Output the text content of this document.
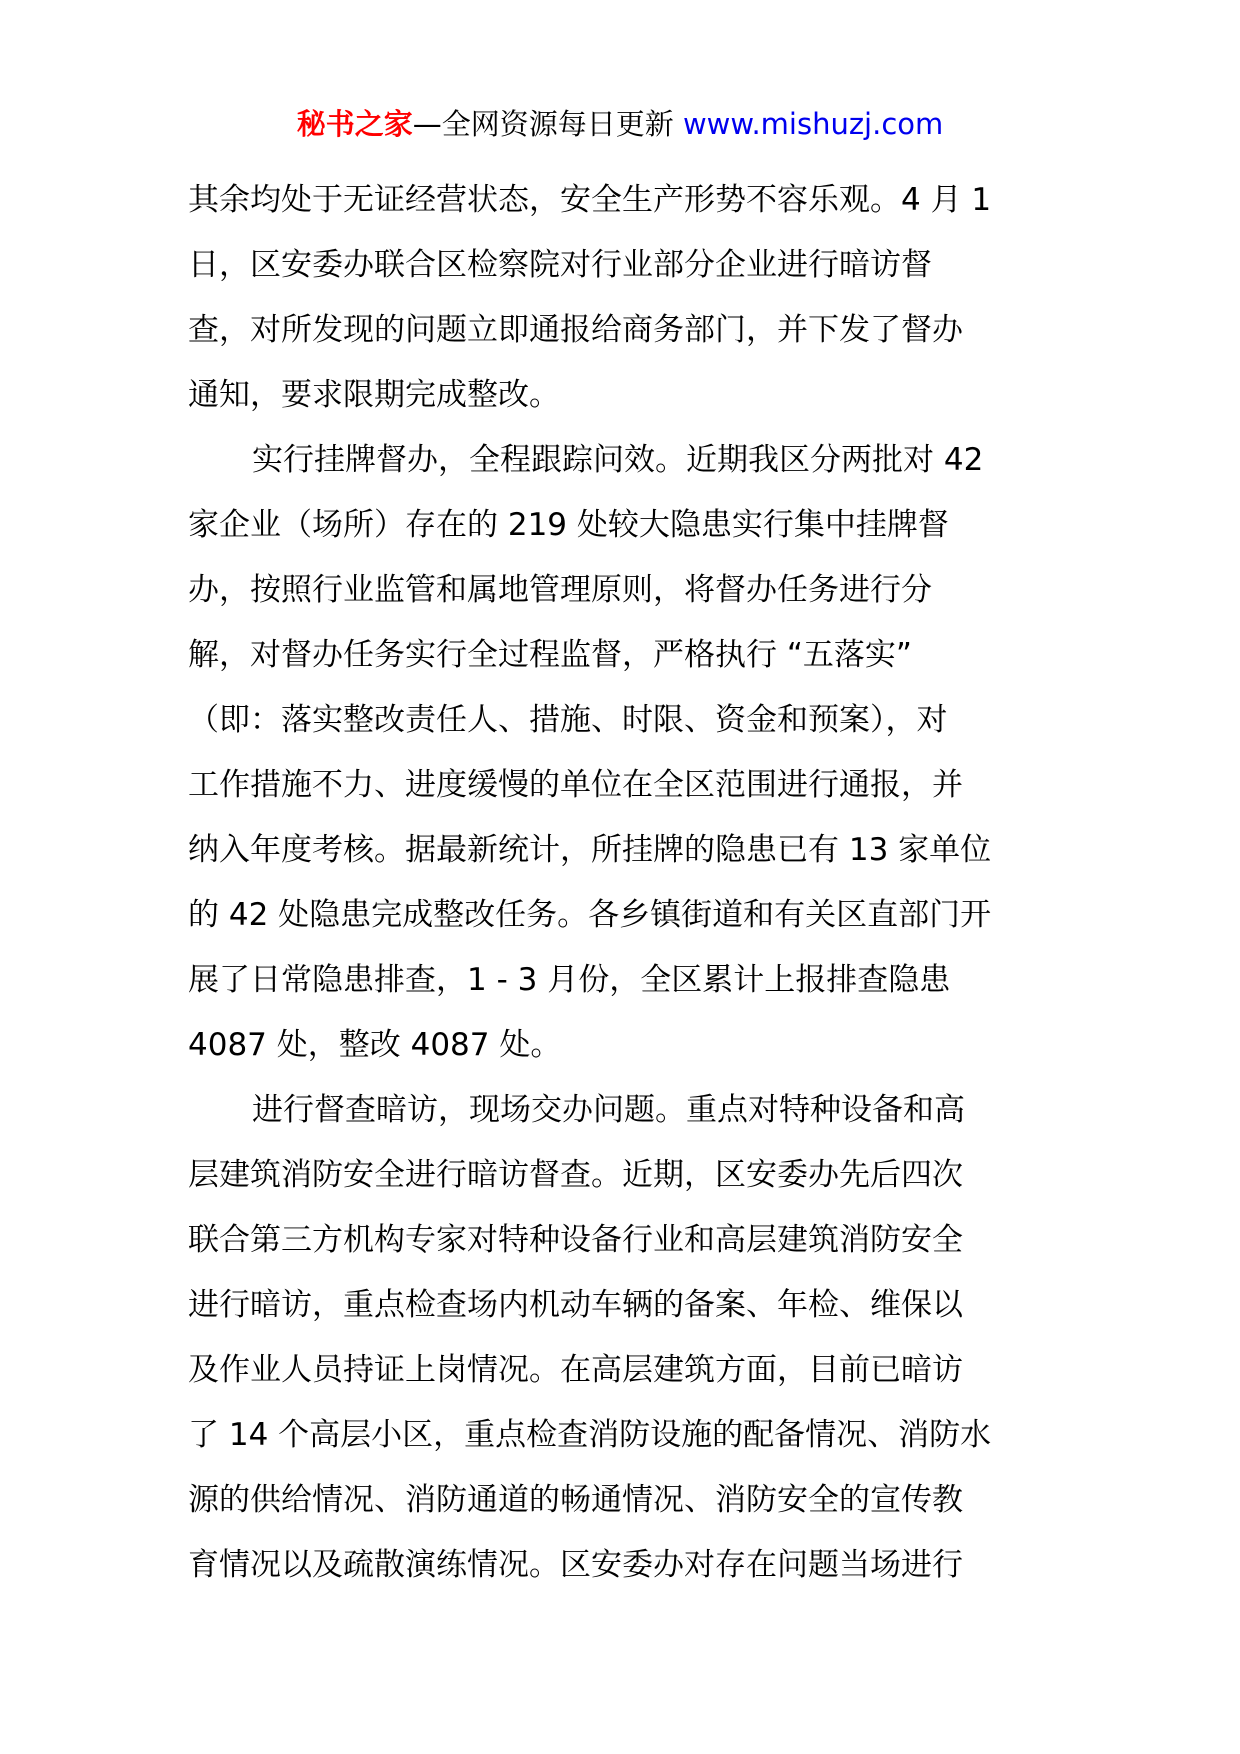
秘书之家—全网资源每日更新 www.mishuzj.com
其余均处于无证经营状态，安全生产形势不容乐观。4 月 1
日，区安委办联合区检察院对行业部分企业进行暗访督
查，对所发现的问题立即通报给商务部门，并下发了督办
通知，要求限期完成整改。
实行挂牌督办，全程跟踪问效。近期我区分两批对 42
家企业（场所）存在的 219 处较大隐患实行集中挂牌督
办，按照行业监管和属地管理原则，将督办任务进行分
解，对督办任务实行全过程监督，严格执行 “五落实”
（即：落实整改责任人、措施、时限、资金和预案），对
工作措施不力、进度缓慢的单位在全区范围进行通报，并
纳入年度考核。据最新统计，所挂牌的隐患已有 13 家单位
的 42 处隐患完成整改任务。各乡镇街道和有关区直部门开
展了日常隐患排查，1 - 3 月份，全区累计上报排查隐患
4087 处，整改 4087 处。
进行督查暗访，现场交办问题。重点对特种设备和高
层建筑消防安全进行暗访督查。近期，区安委办先后四次
联合第三方机构专家对特种设备行业和高层建筑消防安全
进行暗访，重点检查场内机动车辆的备案、年检、维保以
及作业人员持证上岗情况。在高层建筑方面，目前已暗访
了 14 个高层小区，重点检查消防设施的配备情况、消防水
源的供给情况、消防通道的畅通情况、消防安全的宣传教
育情况以及疏散演练情况。区安委办对存在问题当场进行
